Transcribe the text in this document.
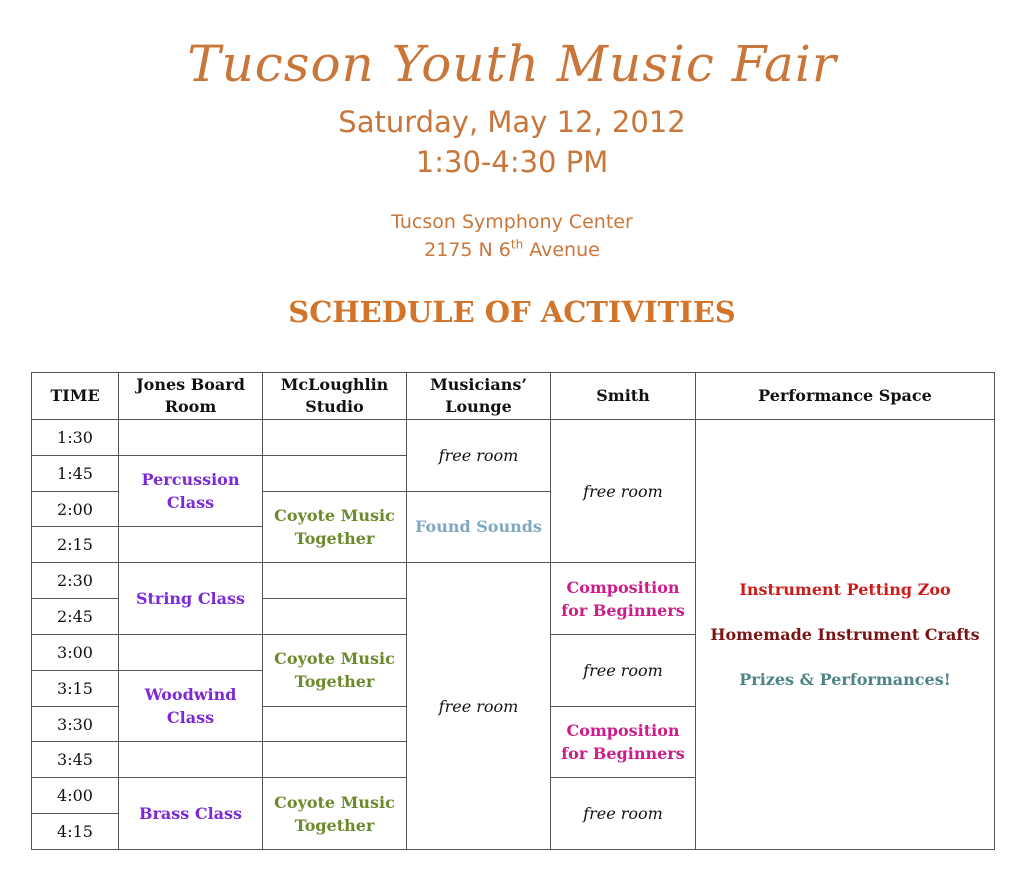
Tucson Youth Music Fair
Saturday, May 12, 2012
1:30-4:30 PM
Tucson Symphony Center
2175 N 6th Avenue
SCHEDULE OF ACTIVITIES
TIME	Jones Board Room	McLoughlin Studio	Musicians’ Lounge	Smith	Performance Space
1:30			free room	free room	Instrument Petting Zoo
Homemade Instrument Crafts
Prizes & Performances!

1:45	Percussion Class				
2:00		Coyote Music Together	Found Sounds		
2:15					
2:30	String Class		free room	Composition for Beginners	
2:45					
3:00		Coyote Music Together		free room	
3:15	Woodwind Class				
3:30				Composition for Beginners	
3:45					
4:00	Brass Class	Coyote Music Together		free room	
4:15					
